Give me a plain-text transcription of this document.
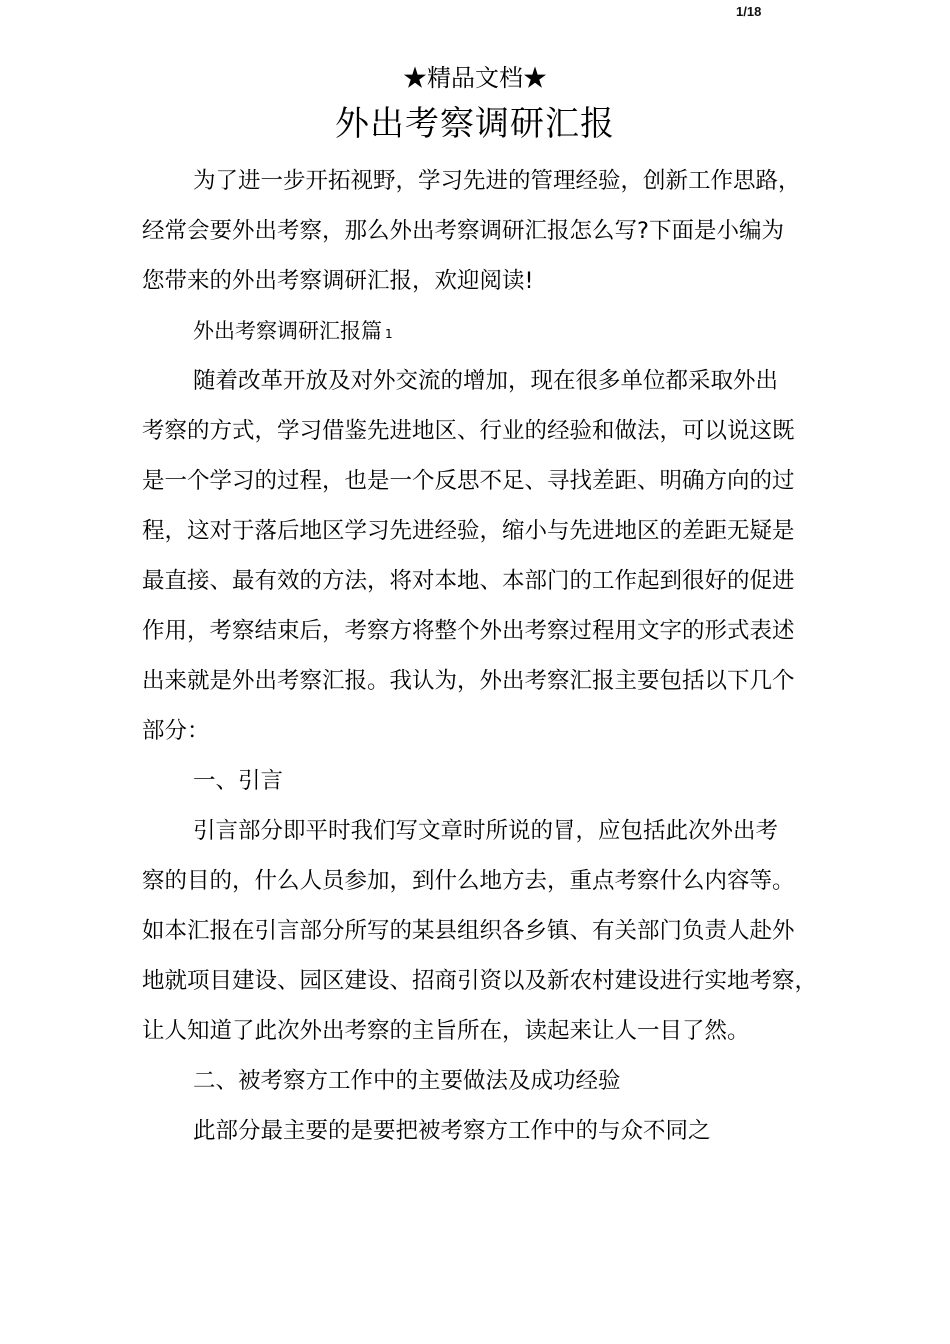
1/18
★精品文档★
外出考察调研汇报
为了进一步开拓视野，学习先进的管理经验，创新工作思路，
经常会要外出考察，那么外出考察调研汇报怎么写?下面是小编为
您带来的外出考察调研汇报，欢迎阅读!
外出考察调研汇报篇 1
随着改革开放及对外交流的增加，现在很多单位都采取外出
考察的方式，学习借鉴先进地区、行业的经验和做法，可以说这既
是一个学习的过程，也是一个反思不足、寻找差距、明确方向的过
程，这对于落后地区学习先进经验，缩小与先进地区的差距无疑是
最直接、最有效的方法，将对本地、本部门的工作起到很好的促进
作用，考察结束后，考察方将整个外出考察过程用文字的形式表述
出来就是外出考察汇报。我认为，外出考察汇报主要包括以下几个
部分：
一、引言
引言部分即平时我们写文章时所说的冒，应包括此次外出考
察的目的，什么人员参加，到什么地方去，重点考察什么内容等。
如本汇报在引言部分所写的某县组织各乡镇、有关部门负责人赴外
地就项目建设、园区建设、招商引资以及新农村建设进行实地考察，
让人知道了此次外出考察的主旨所在，读起来让人一目了然。
二、被考察方工作中的主要做法及成功经验
此部分最主要的是要把被考察方工作中的与众不同之
